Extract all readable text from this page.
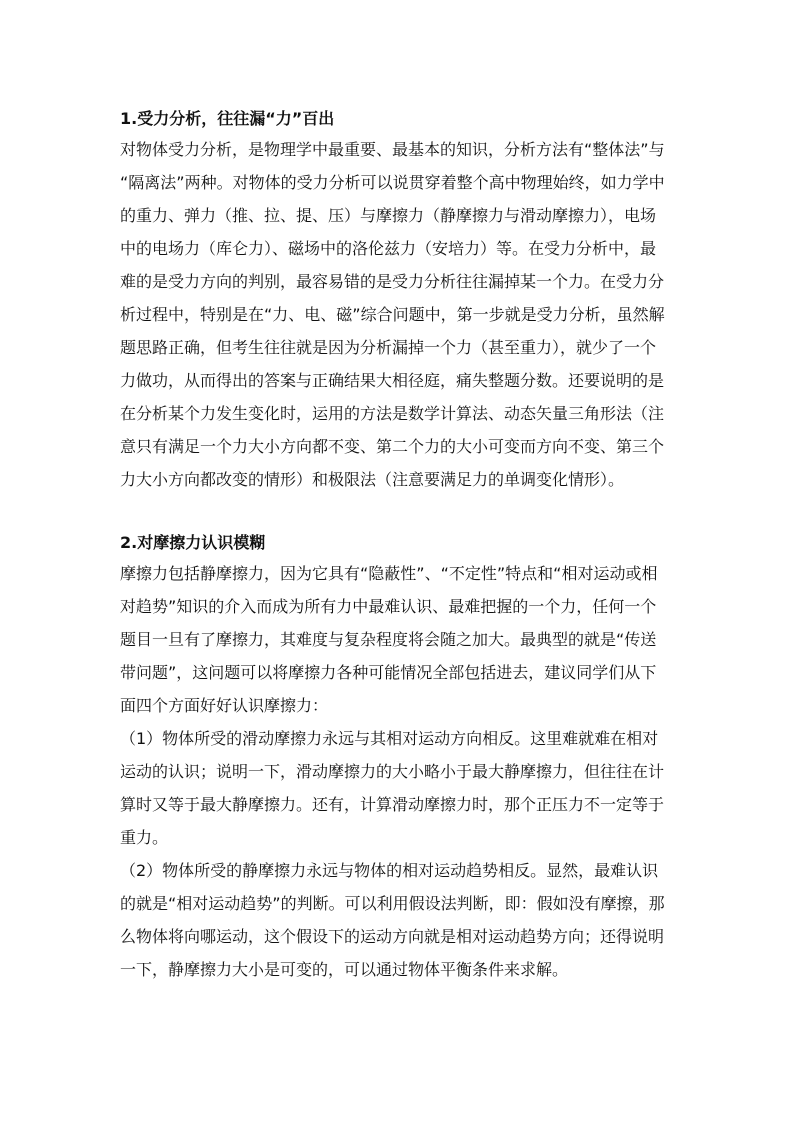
1.受力分析，往往漏“力”百出

对物体受力分析，是物理学中最重要、最基本的知识，分析方法有“整体法”与

“隔离法”两种。对物体的受力分析可以说贯穿着整个高中物理始终，如力学中

的重力、弹力（推、拉、提、压）与摩擦力（静摩擦力与滑动摩擦力），电场

中的电场力（库仑力）、磁场中的洛伦兹力（安培力）等。在受力分析中，最

难的是受力方向的判别，最容易错的是受力分析往往漏掉某一个力。在受力分

析过程中，特别是在“力、电、磁”综合问题中，第一步就是受力分析，虽然解

题思路正确，但考生往往就是因为分析漏掉一个力（甚至重力），就少了一个

力做功，从而得出的答案与正确结果大相径庭，痛失整题分数。还要说明的是

在分析某个力发生变化时，运用的方法是数学计算法、动态矢量三角形法（注

意只有满足一个力大小方向都不变、第二个力的大小可变而方向不变、第三个

力大小方向都改变的情形）和极限法（注意要满足力的单调变化情形）。

2.对摩擦力认识模糊

摩擦力包括静摩擦力，因为它具有“隐蔽性”、“不定性”特点和“相对运动或相

对趋势”知识的介入而成为所有力中最难认识、最难把握的一个力，任何一个

题目一旦有了摩擦力，其难度与复杂程度将会随之加大。最典型的就是“传送

带问题”，这问题可以将摩擦力各种可能情况全部包括进去，建议同学们从下

面四个方面好好认识摩擦力：

（1）物体所受的滑动摩擦力永远与其相对运动方向相反。这里难就难在相对

运动的认识；说明一下，滑动摩擦力的大小略小于最大静摩擦力，但往往在计

算时又等于最大静摩擦力。还有，计算滑动摩擦力时，那个正压力不一定等于

重力。

（2）物体所受的静摩擦力永远与物体的相对运动趋势相反。显然，最难认识

的就是“相对运动趋势”的判断。可以利用假设法判断，即：假如没有摩擦，那

么物体将向哪运动，这个假设下的运动方向就是相对运动趋势方向；还得说明

一下，静摩擦力大小是可变的，可以通过物体平衡条件来求解。
